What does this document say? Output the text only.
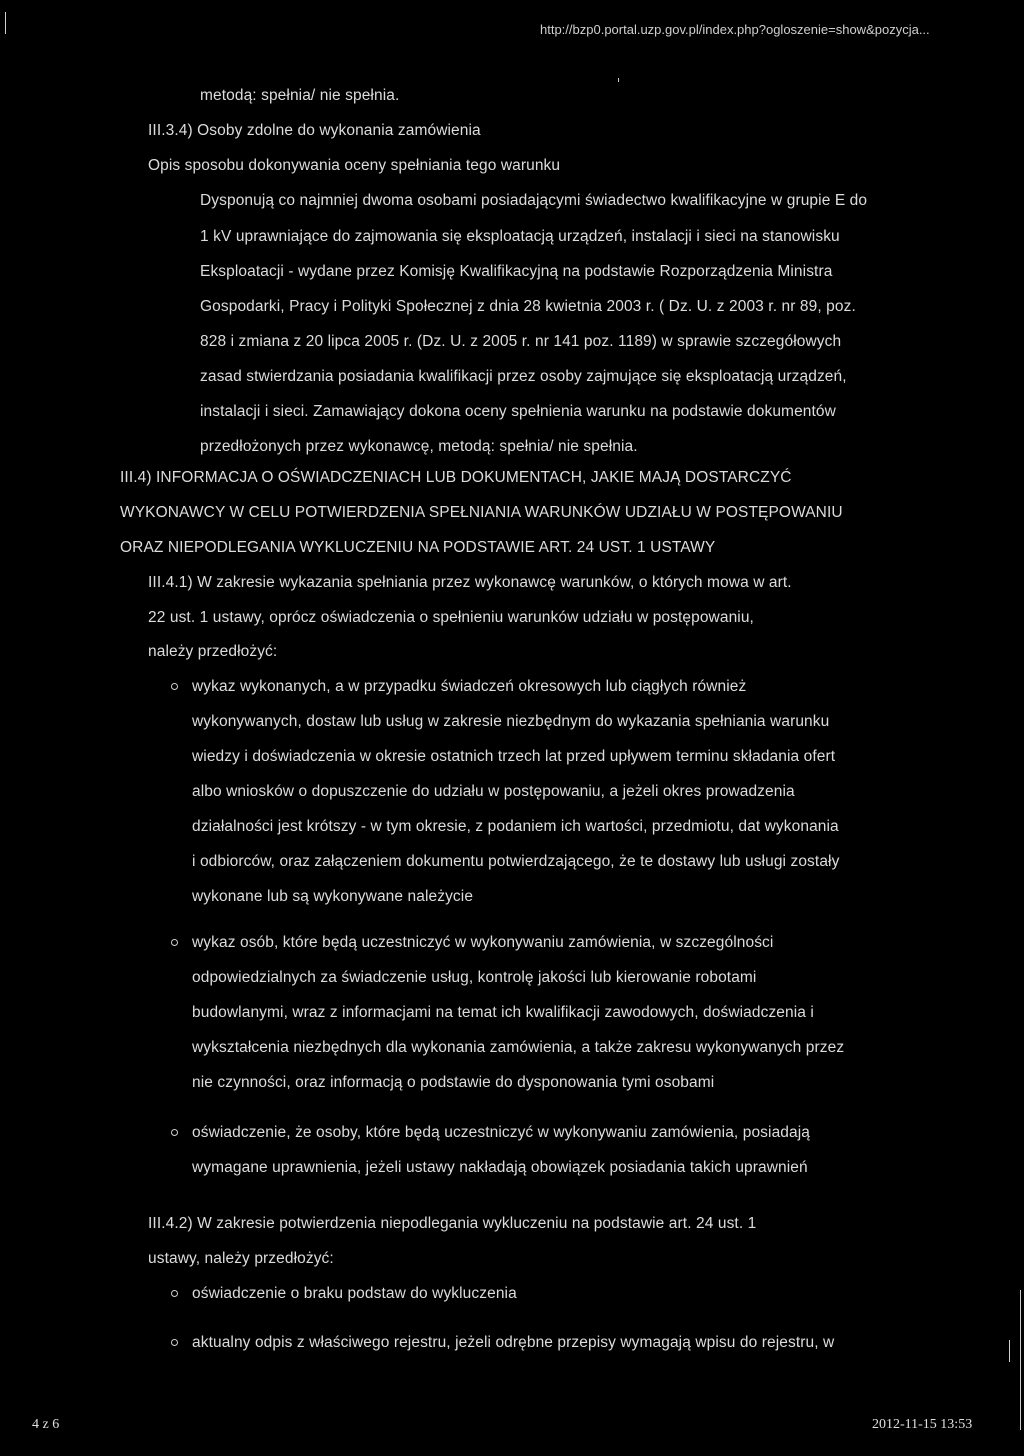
http://bzp0.portal.uzp.gov.pl/index.php?ogloszenie=show&pozycja...
metodą: spełnia/ nie spełnia.
III.3.4) Osoby zdolne do wykonania zamówienia
Opis sposobu dokonywania oceny spełniania tego warunku
Dysponują co najmniej dwoma osobami posiadającymi świadectwo kwalifikacyjne w grupie E do
1 kV uprawniające do zajmowania się eksploatacją urządzeń, instalacji i sieci na stanowisku
Eksploatacji - wydane przez Komisję Kwalifikacyjną na podstawie Rozporządzenia Ministra
Gospodarki, Pracy i Polityki Społecznej z dnia 28 kwietnia 2003 r. ( Dz. U. z 2003 r. nr 89, poz.
828 i zmiana z 20 lipca 2005 r. (Dz. U. z 2005 r. nr 141 poz. 1189) w sprawie szczegółowych
zasad stwierdzania posiadania kwalifikacji przez osoby zajmujące się eksploatacją urządzeń,
instalacji i sieci. Zamawiający dokona oceny spełnienia warunku na podstawie dokumentów
przedłożonych przez wykonawcę, metodą: spełnia/ nie spełnia.
III.4) INFORMACJA O OŚWIADCZENIACH LUB DOKUMENTACH, JAKIE MAJĄ DOSTARCZYĆ
WYKONAWCY W CELU POTWIERDZENIA SPEŁNIANIA WARUNKÓW UDZIAŁU W POSTĘPOWANIU
ORAZ NIEPODLEGANIA WYKLUCZENIU NA PODSTAWIE ART. 24 UST. 1 USTAWY
III.4.1) W zakresie wykazania spełniania przez wykonawcę warunków, o których mowa w art.
22 ust. 1 ustawy, oprócz oświadczenia o spełnieniu warunków udziału w postępowaniu,
należy przedłożyć:
wykaz wykonanych, a w przypadku świadczeń okresowych lub ciągłych również
wykonywanych, dostaw lub usług w zakresie niezbędnym do wykazania spełniania warunku
wiedzy i doświadczenia w okresie ostatnich trzech lat przed upływem terminu składania ofert
albo wniosków o dopuszczenie do udziału w postępowaniu, a jeżeli okres prowadzenia
działalności jest krótszy - w tym okresie, z podaniem ich wartości, przedmiotu, dat wykonania
i odbiorców, oraz załączeniem dokumentu potwierdzającego, że te dostawy lub usługi zostały
wykonane lub są wykonywane należycie
wykaz osób, które będą uczestniczyć w wykonywaniu zamówienia, w szczególności
odpowiedzialnych za świadczenie usług, kontrolę jakości lub kierowanie robotami
budowlanymi, wraz z informacjami na temat ich kwalifikacji zawodowych, doświadczenia i
wykształcenia niezbędnych dla wykonania zamówienia, a także zakresu wykonywanych przez
nie czynności, oraz informacją o podstawie do dysponowania tymi osobami
oświadczenie, że osoby, które będą uczestniczyć w wykonywaniu zamówienia, posiadają
wymagane uprawnienia, jeżeli ustawy nakładają obowiązek posiadania takich uprawnień
III.4.2) W zakresie potwierdzenia niepodlegania wykluczeniu na podstawie art. 24 ust. 1
ustawy, należy przedłożyć:
oświadczenie o braku podstaw do wykluczenia
aktualny odpis z właściwego rejestru, jeżeli odrębne przepisy wymagają wpisu do rejestru, w
4 z 6	2012-11-15 13:53
